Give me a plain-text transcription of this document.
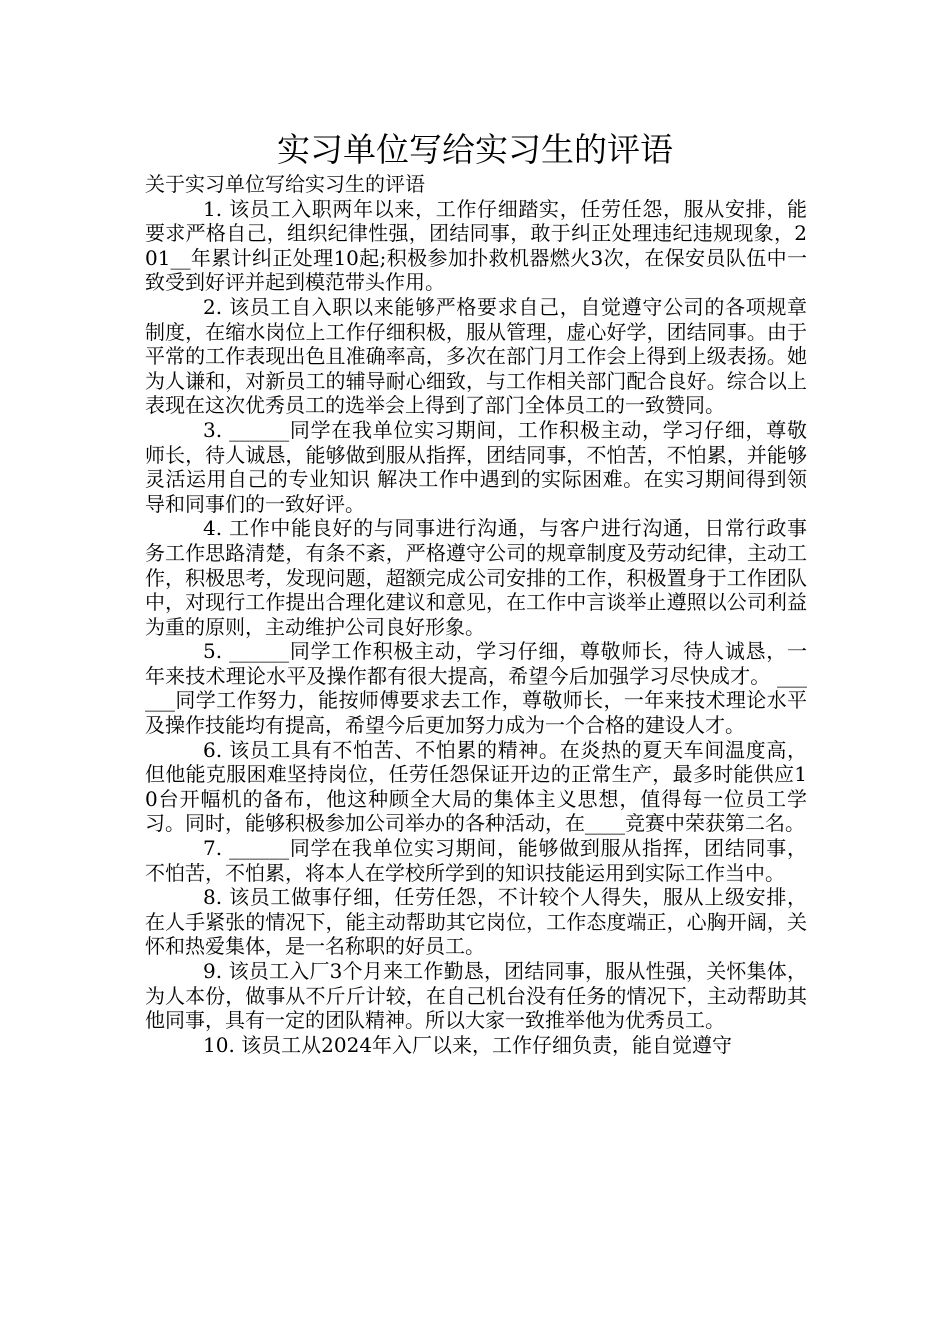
实习单位写给实习生的评语

关于实习单位写给实习生的评语

1. 该员工入职两年以来，工作仔细踏实，任劳任怨，服从安排，能要求严格自己，组织纪律性强，团结同事，敢于纠正处理违纪违规现象，201__年累计纠正处理10起;积极参加扑救机器燃火3次，在保安员队伍中一致受到好评并起到模范带头作用。

2. 该员工自入职以来能够严格要求自己，自觉遵守公司的各项规章制度，在缩水岗位上工作仔细积极，服从管理，虚心好学，团结同事。由于平常的工作表现出色且准确率高，多次在部门月工作会上得到上级表扬。她为人谦和，对新员工的辅导耐心细致，与工作相关部门配合良好。综合以上表现在这次优秀员工的选举会上得到了部门全体员工的一致赞同。

3. ______同学在我单位实习期间，工作积极主动，学习仔细，尊敬师长，待人诚恳，能够做到服从指挥，团结同事，不怕苦，不怕累，并能够灵活运用自己的专业知识 解决工作中遇到的实际困难。在实习期间得到领导和同事们的一致好评。

4. 工作中能良好的与同事进行沟通，与客户进行沟通，日常行政事务工作思路清楚，有条不紊，严格遵守公司的规章制度及劳动纪律，主动工作，积极思考，发现问题，超额完成公司安排的工作，积极置身于工作团队中，对现行工作提出合理化建议和意见，在工作中言谈举止遵照以公司利益为重的原则，主动维护公司良好形象。

5. ______同学工作积极主动，学习仔细，尊敬师长，待人诚恳，一年来技术理论水平及操作都有很大提高，希望今后加强学习尽快成才。 ______同学工作努力，能按师傅要求去工作，尊敬师长，一年来技术理论水平及操作技能均有提高，希望今后更加努力成为一个合格的建设人才。

6. 该员工具有不怕苦、不怕累的精神。在炎热的夏天车间温度高，但他能克服困难坚持岗位，任劳任怨保证开边的正常生产，最多时能供应10台开幅机的备布，他这种顾全大局的集体主义思想，值得每一位员工学习。同时，能够积极参加公司举办的各种活动，在____竞赛中荣获第二名。

7. ______同学在我单位实习期间，能够做到服从指挥，团结同事，不怕苦，不怕累，将本人在学校所学到的知识技能运用到实际工作当中。

8. 该员工做事仔细，任劳任怨，不计较个人得失，服从上级安排，在人手紧张的情况下，能主动帮助其它岗位，工作态度端正，心胸开阔，关怀和热爱集体，是一名称职的好员工。

9. 该员工入厂3个月来工作勤恳，团结同事，服从性强，关怀集体，为人本份，做事从不斤斤计较，在自己机台没有任务的情况下，主动帮助其他同事，具有一定的团队精神。所以大家一致推举他为优秀员工。

10. 该员工从2024年入厂以来，工作仔细负责，能自觉遵守
